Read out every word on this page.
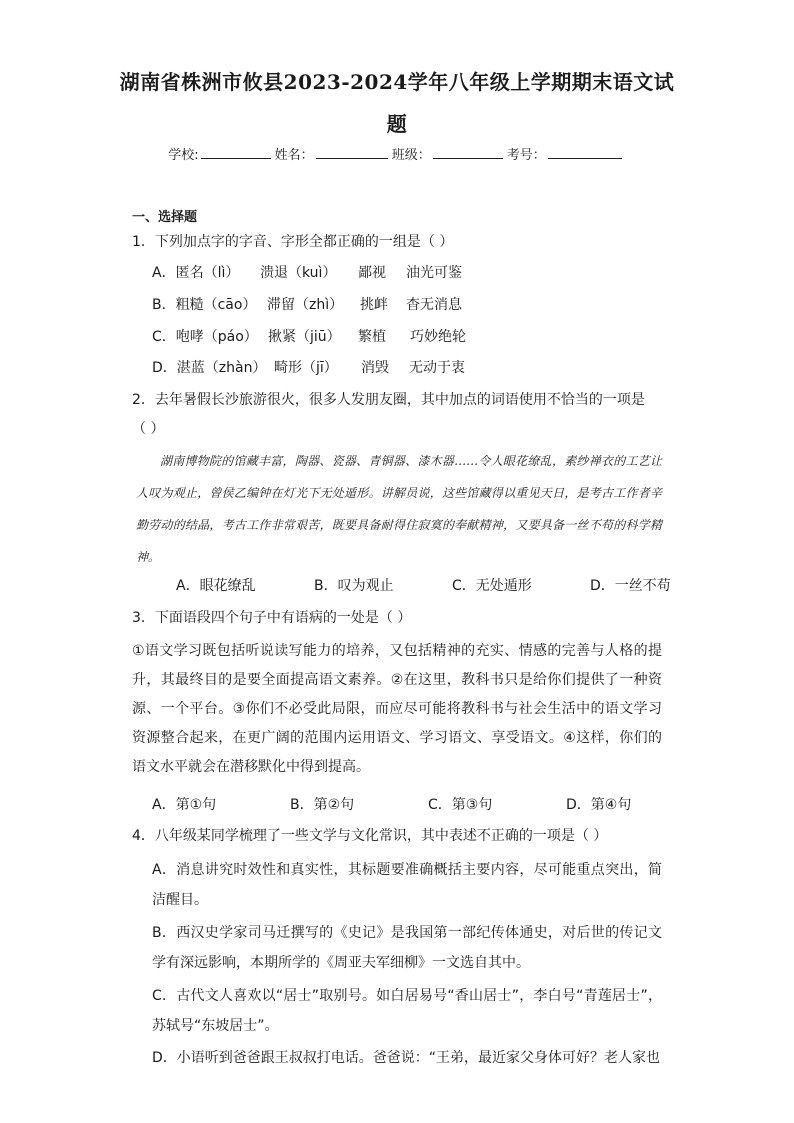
湖南省株洲市攸县2023-2024学年八年级上学期期末语文试
题
学校:	姓名：	班级：	考号：
一、选择题
1．下列加点字的字音、字形全都正确的一组是（ ）
A．匿名（lì） 溃退（kuì） 鄙视 油光可鉴
B．粗糙（cāo） 滞留（zhì） 挑衅 杳无消息
C．咆哮（páo） 揪紧（jiū） 繁植 巧妙绝轮
D．湛蓝（zhàn） 畸形（jī） 消毁 无动于衷
2．去年暑假长沙旅游很火，很多人发朋友圈，其中加点的词语使用不恰当的一项是
（ ）

湖南博物院的馆藏丰富，陶器、瓷器、青铜器、漆木器……令人眼花缭乱，素纱禅衣的工艺让人叹为观止，曾侯乙编钟在灯光下无处遁形。讲解员说，这些馆藏得以重见天日，是考古工作者辛勤劳动的结晶，考古工作非常艰苦，既要具备耐得住寂寞的奉献精神，又要具备一丝不苟的科学精神。

A．眼花缭乱	B．叹为观止	C．无处遁形	D．一丝不苟
3．下面语段四个句子中有语病的一处是（ ）
①语文学习既包括听说读写能力的培养，又包括精神的充实、情感的完善与人格的提升，其最终目的是要全面提高语文素养。②在这里，教科书只是给你们提供了一种资源、一个平台。③你们不必受此局限，而应尽可能将教科书与社会生活中的语文学习资源整合起来，在更广阔的范围内运用语文、学习语文、享受语文。④这样，你们的语文水平就会在潜移默化中得到提高。
A．第①句	B．第②句	C．第③句	D．第④句
4．八年级某同学梳理了一些文学与文化常识，其中表述不正确的一项是（ ）
A．消息讲究时效性和真实性，其标题要准确概括主要内容，尽可能重点突出，简洁醒目。
B．西汉史学家司马迁撰写的《史记》是我国第一部纪传体通史，对后世的传记文学有深远影响，本期所学的《周亚夫军细柳》一文选自其中。
C．古代文人喜欢以“居士”取别号。如白居易号“香山居士”，李白号“青莲居士”，苏轼号“东坡居士”。
D．小语听到爸爸跟王叔叔打电话。爸爸说：“王弟，最近家父身体可好？老人家也
